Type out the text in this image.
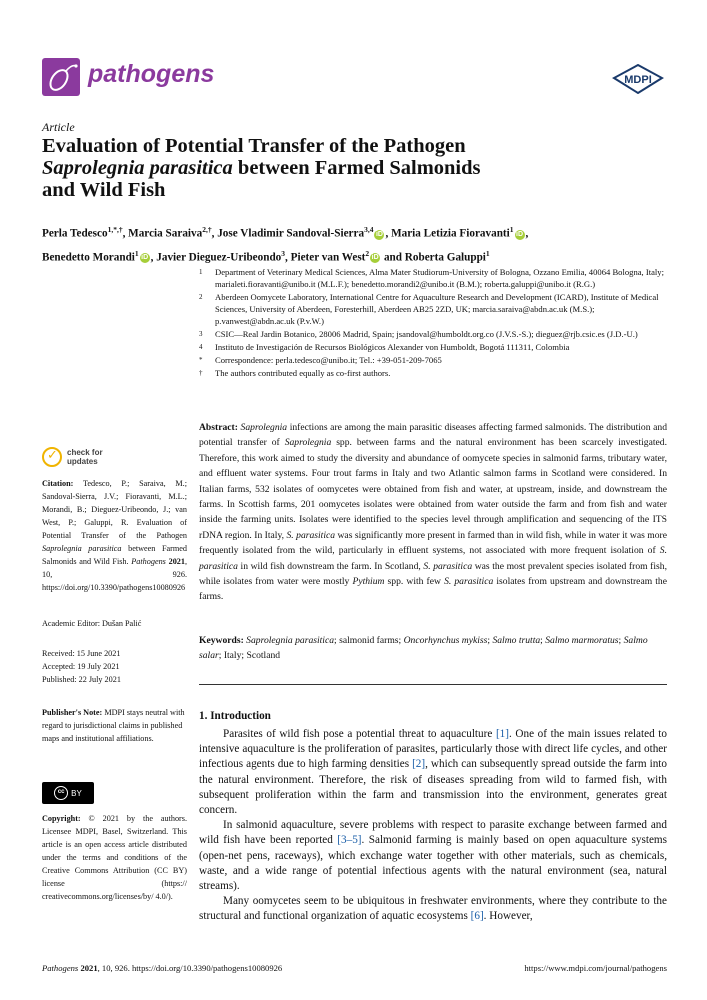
pathogens	MDPI
Article
Evaluation of Potential Transfer of the Pathogen
Saprolegnia parasitica between Farmed Salmonids
and Wild Fish
Perla Tedesco$^{1,*,\dagger}$, Marcia Saraiva$^{2,\dagger}$, Jose Vladimir Sandoval-Sierra$^{3,4}$iD , Maria Letizia Fioravanti$^1$iD ,
Benedetto Morandi$^1$iD , Javier Dieguez-Uribeondo$^3$, Pieter van West$^2$iD and Roberta Galuppi$^1$
1	Department of Veterinary Medical Sciences, Alma Mater Studiorum-University of Bologna, Ozzano Emilia, 40064 Bologna, Italy; marialeti.fioravanti@unibo.it (M.L.F.); benedetto.morandi2@unibo.it (B.M.); roberta.galuppi@unibo.it (R.G.)
2	Aberdeen Oomycete Laboratory, International Centre for Aquaculture Research and Development (ICARD), Institute of Medical Sciences, University of Aberdeen, Foresterhill, Aberdeen AB25 2ZD, UK; marcia.saraiva@abdn.ac.uk (M.S.); p.vanwest@abdn.ac.uk (P.v.W.)
3	CSIC—Real Jardin Botanico, 28006 Madrid, Spain; jsandoval@humboldt.org.co (J.V.S.-S.); dieguez@rjb.csic.es (J.D.-U.)
4	Instituto de Investigación de Recursos Biológicos Alexander von Humboldt, Bogotá 111311, Colombia
*	Correspondence: perla.tedesco@unibo.it; Tel.: +39-051-209-7065
†	The authors contributed equally as co-first authors.
Abstract: Saprolegnia infections are among the main parasitic diseases affecting farmed salmonids. The distribution and potential transfer of Saprolegnia spp. between farms and the natural environment has been scarcely investigated. Therefore, this work aimed to study the diversity and abundance of oomycete species in salmonid farms, tributary water, and effluent water systems. Four trout farms in Italy and two Atlantic salmon farms in Scotland were considered. In Italian farms, 532 isolates of oomycetes were obtained from fish and water, at upstream, inside, and downstream the farms. In Scottish farms, 201 oomycetes isolates were obtained from water outside the farm and from fish and water inside the farming units. Isolates were identified to the species level through amplification and sequencing of the ITS rDNA region. In Italy, S. parasitica was significantly more present in farmed than in wild fish, while in water it was more frequently isolated from the wild, particularly in effluent systems, not associated with more frequent isolation of S. parasitica in wild fish downstream the farm. In Scotland, S. parasitica was the most prevalent species isolated from fish, while isolates from water were mostly Pythium spp. with few S. parasitica isolates from upstream and downstream the farms.
Keywords: Saprolegnia parasitica; salmonid farms; Oncorhynchus mykiss; Salmo trutta; Salmo marmoratus; Salmo salar; Italy; Scotland
✓
check for
updates
Citation: Tedesco, P.; Saraiva, M.; Sandoval-Sierra, J.V.; Fioravanti, M.L.; Morandi, B.; Dieguez-Uribeondo, J.; van West, P.; Galuppi, R. Evaluation of Potential Transfer of the Pathogen Saprolegnia parasitica between Farmed Salmonids and Wild Fish. Pathogens 2021, 10, 926. https://doi.org/10.3390/pathogens10080926
Academic Editor: Dušan Palić
Received: 15 June 2021
Accepted: 19 July 2021
Published: 22 July 2021
Publisher's Note: MDPI stays neutral with regard to jurisdictional claims in published maps and institutional affiliations.
cc BY
Copyright: © 2021 by the authors. Licensee MDPI, Basel, Switzerland. This article is an open access article distributed under the terms and conditions of the Creative Commons Attribution (CC BY) license (https:// creativecommons.org/licenses/by/ 4.0/).
1. Introduction

Parasites of wild fish pose a potential threat to aquaculture [1]. One of the main issues related to intensive aquaculture is the proliferation of parasites, particularly those with direct life cycles, and other infectious agents due to high farming densities [2], which can subsequently spread outside the farm into the natural environment. Therefore, the risk of diseases spreading from wild to farmed fish, with subsequent proliferation within the farm and transmission into the environment, generates great concern.

In salmonid aquaculture, severe problems with respect to parasite exchange between farmed and wild fish have been reported [3–5]. Salmonid farming is mainly based on open aquaculture systems (open-net pens, raceways), which exchange water together with other materials, such as chemicals, waste, and a wide range of potential infectious agents with the natural environment (sea, natural streams).

Many oomycetes seem to be ubiquitous in freshwater environments, where they contribute to the structural and functional organization of aquatic ecosystems [6]. However,

Pathogens 2021, 10, 926. https://doi.org/10.3390/pathogens10080926	https://www.mdpi.com/journal/pathogens
